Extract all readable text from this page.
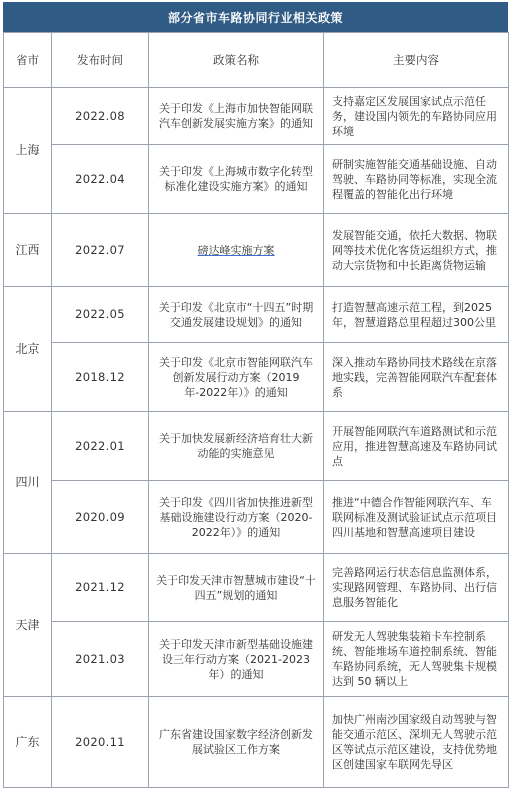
部分省市车路协同行业相关政策
省市	发布时间	政策名称	主要内容
上海	2022.08	关于印发《上海市加快智能网联汽车创新发展实施方案》的通知	支持嘉定区发展国家试点示范任务，建设国内领先的车路协同应用环境
	2022.04	关于印发《上海城市数字化转型标准化建设实施方案》的通知	研制实施智能交通基础设施、自动驾驶、车路协同等标准，实现全流程覆盖的智能化出行环境
江西	2022.07	磅达峰实施方案	发展智能交通，依托大数据、物联网等技术优化客货运组织方式，推动大宗货物和中长距离货物运输
北京	2022.05	关于印发《北京市“十四五”时期交通发展建设规划》的通知	打造智慧高速示范工程，到2025年，智慧道路总里程超过300公里
	2018.12	关于印发《北京市智能网联汽车创新发展行动方案（2019年-2022年）》的通知	深入推动车路协同技术路线在京落地实践，完善智能网联汽车配套体系
四川	2022.01	关于加快发展新经济培育壮大新动能的实施意见	开展智能网联汽车道路测试和示范应用，推进智慧高速及车路协同试点
	2020.09	关于印发《四川省加快推进新型基础设施建设行动方案（2020-2022年）》的通知	推进“中德合作智能网联汽车、车联网标准及测试验证试点示范项目四川基地和智慧高速项目建设
天津	2021.12	关于印发天津市智慧城市建设“十四五”规划的通知	完善路网运行状态信息监测体系，实现路网管理、车路协同、出行信息服务智能化
	2021.03	关于印发天津市新型基础设施建设三年行动方案（2021-2023年）的通知	研发无人驾驶集装箱卡车控制系统、智能堆场车道控制系统、智能车路协同系统，无人驾驶集卡规模达到 50 辆以上
广东	2020.11	广东省建设国家数字经济创新发展试验区工作方案	加快广州南沙国家级自动驾驶与智能交通示范区、深圳无人驾驶示范区等试点示范区建设，支持优势地区创建国家车联网先导区
